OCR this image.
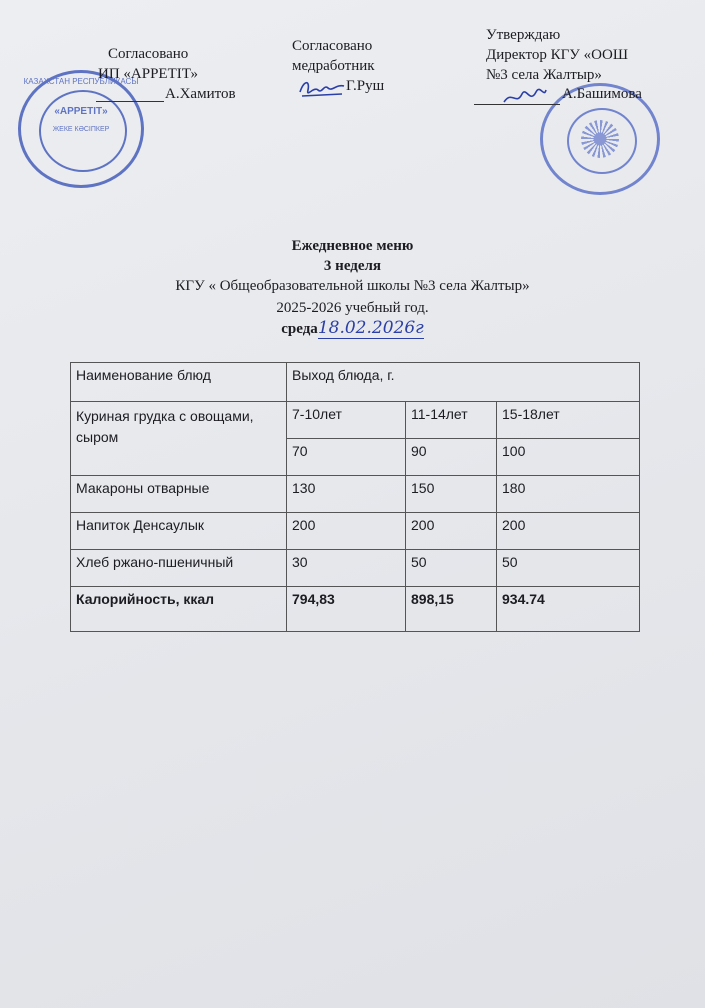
«АРРЕТIТ»
ЖЕКЕ КӘСІПКЕР
КАЗАХСТАН РЕСПУБЛИКАСЫ
Согласовано
ИП «АРРЕТIТ»
А.Хамитов
Согласовано
медработник
Г.Руш
Утверждаю
Директор КГУ «ООШ
№3 села Жалтыр»
А.Башимова
Ежедневное меню
3 неделя
КГУ « Общеобразовательной школы №3 села Жалтыр»
2025-2026 учебный год.
среда18.02.2026г
Наименование блюд	Выход блюда, г.		
Куриная грудка с овощами, сыром	7-10лет	11-14лет	15-18лет
	70	90	100
Макароны отварные	130	150	180
Напиток Денсаулык	200	200	200
Хлеб ржано-пшеничный	30	50	50
Калорийность, ккал	794,83	898,15	934.74
